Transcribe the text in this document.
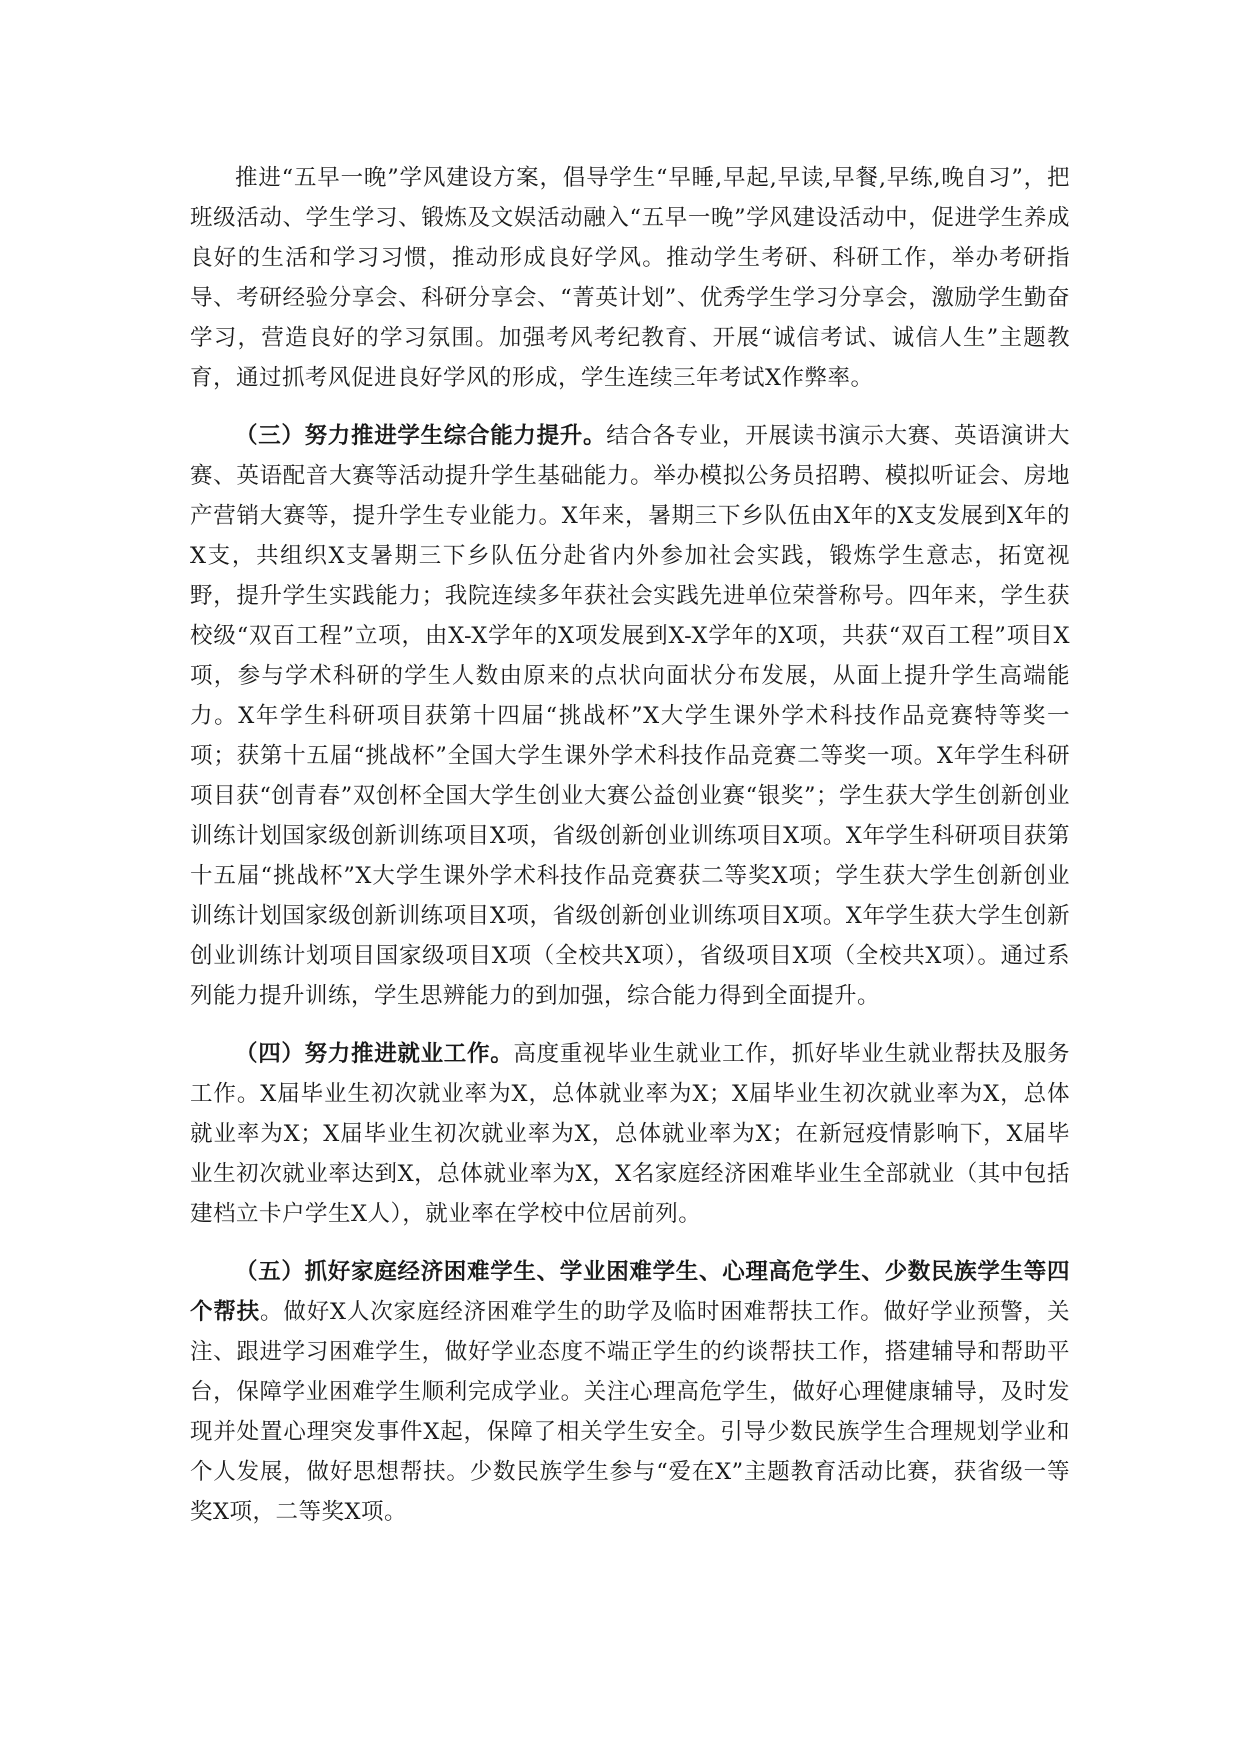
推进“五早一晚”学风建设方案，倡导学生“早睡,早起,早读,早餐,早练,晚自习”，把班级活动、学生学习、锻炼及文娱活动融入“五早一晚”学风建设活动中，促进学生养成良好的生活和学习习惯，推动形成良好学风。推动学生考研、科研工作，举办考研指导、考研经验分享会、科研分享会、“菁英计划”、优秀学生学习分享会，激励学生勤奋学习，营造良好的学习氛围。加强考风考纪教育、开展“诚信考试、诚信人生”主题教育，通过抓考风促进良好学风的形成，学生连续三年考试X作弊率。

（三）努力推进学生综合能力提升。结合各专业，开展读书演示大赛、英语演讲大赛、英语配音大赛等活动提升学生基础能力。举办模拟公务员招聘、模拟听证会、房地产营销大赛等，提升学生专业能力。X年来，暑期三下乡队伍由X年的X支发展到X年的X支，共组织X支暑期三下乡队伍分赴省内外参加社会实践，锻炼学生意志，拓宽视野，提升学生实践能力；我院连续多年获社会实践先进单位荣誉称号。四年来，学生获校级“双百工程”立项，由X-X学年的X项发展到X-X学年的X项，共获“双百工程”项目X项，参与学术科研的学生人数由原来的点状向面状分布发展，从面上提升学生高端能力。X年学生科研项目获第十四届“挑战杯”X大学生课外学术科技作品竞赛特等奖一项；获第十五届“挑战杯”全国大学生课外学术科技作品竞赛二等奖一项。X年学生科研项目获“创青春”双创杯全国大学生创业大赛公益创业赛“银奖”；学生获大学生创新创业训练计划国家级创新训练项目X项，省级创新创业训练项目X项。X年学生科研项目获第十五届“挑战杯”X大学生课外学术科技作品竞赛获二等奖X项；学生获大学生创新创业训练计划国家级创新训练项目X项，省级创新创业训练项目X项。X年学生获大学生创新创业训练计划项目国家级项目X项（全校共X项），省级项目X项（全校共X项）。通过系列能力提升训练，学生思辨能力的到加强，综合能力得到全面提升。

（四）努力推进就业工作。高度重视毕业生就业工作，抓好毕业生就业帮扶及服务工作。X届毕业生初次就业率为X，总体就业率为X；X届毕业生初次就业率为X，总体就业率为X；X届毕业生初次就业率为X，总体就业率为X；在新冠疫情影响下，X届毕业生初次就业率达到X，总体就业率为X，X名家庭经济困难毕业生全部就业（其中包括建档立卡户学生X人），就业率在学校中位居前列。

（五）抓好家庭经济困难学生、学业困难学生、心理高危学生、少数民族学生等四个帮扶。做好X人次家庭经济困难学生的助学及临时困难帮扶工作。做好学业预警，关注、跟进学习困难学生，做好学业态度不端正学生的约谈帮扶工作，搭建辅导和帮助平台，保障学业困难学生顺利完成学业。关注心理高危学生，做好心理健康辅导，及时发现并处置心理突发事件X起，保障了相关学生安全。引导少数民族学生合理规划学业和个人发展，做好思想帮扶。少数民族学生参与“爱在X”主题教育活动比赛，获省级一等奖X项，二等奖X项。
